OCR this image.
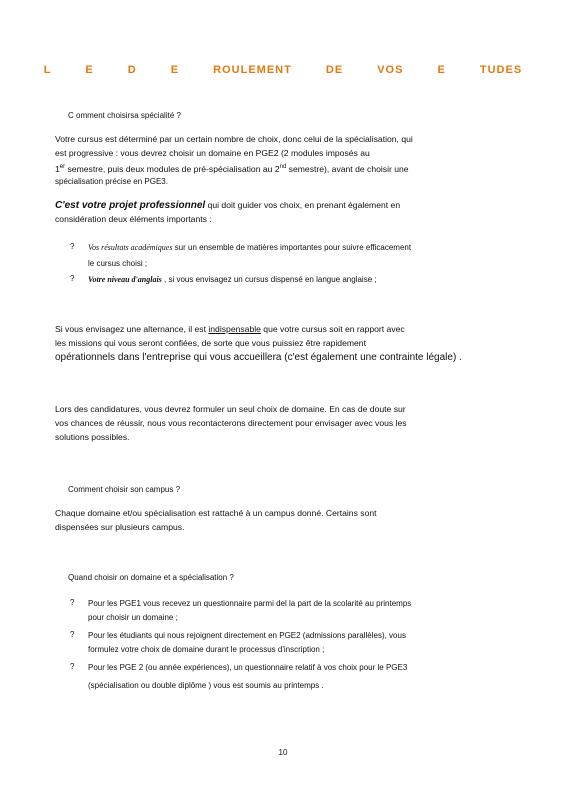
L E D E ROULEMENT DE VOS E TUDES
C omment choisirsa spécialité ?
Votre cursus est déterminé par un certain nombre de choix, donc celui de la spécialisation, qui
est progressive : vous devrez choisir un domaine en PGE2 (2 modules imposés au
1er semestre, puis deux modules de pré-spécialisation au 2nd semestre), avant de choisir une
spécialisation précise en PGE3.
C'est votre projet professionnel qui doit guider vos choix, en prenant également en
considération deux éléments importants :
? Vos résultats académiques sur un ensemble de matières importantes pour suivre efficacement
le cursus choisi ;
? Votre niveau d'anglais , si vous envisagez un cursus dispensé en langue anglaise ;
Si vous envisagez une alternance, il est indispensable que votre cursus soit en rapport avec
les missions qui vous seront confiées, de sorte que vous puissiez être rapidement
opérationnels dans l'entreprise qui vous accueillera (c'est également une contrainte légale) .
Lors des candidatures, vous devrez formuler un seul choix de domaine. En cas de doute sur
vos chances de réussir, nous vous recontacterons directement pour envisager avec vous les
solutions possibles.
Comment choisir son campus ?
Chaque domaine et/ou spécialisation est rattaché à un campus donné. Certains sont
dispensées sur plusieurs campus.
Quand choisir on domaine et a spécialisation ?
? Pour les PGE1 vous recevez un questionnaire parmi del la part de la scolarité au printemps
pour choisir un domaine ;
? Pour les étudiants qui nous rejoignent directement en PGE2 (admissions parallèles), vous
formulez votre choix de domaine durant le processus d'inscription ;
? Pour les PGE 2 (ou année expériences), un questionnaire relatif à vos choix pour le PGE3
(spécialisation ou double diplôme ) vous est soumis au printemps .
10
